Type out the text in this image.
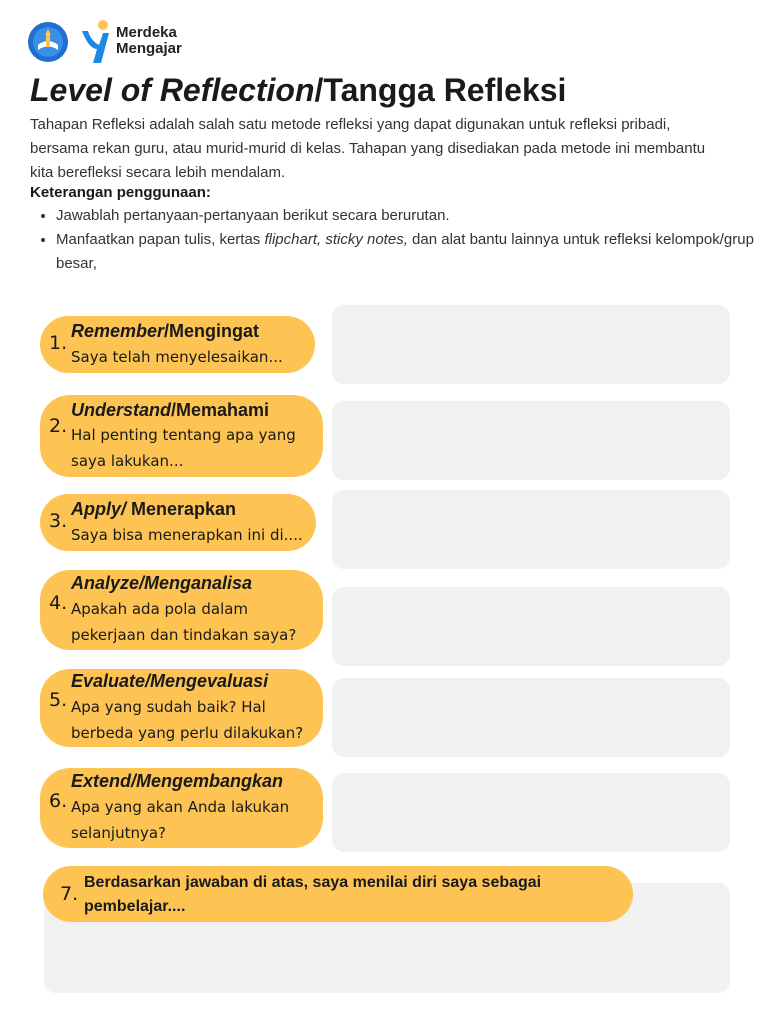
Merdeka
Mengajar
Level of Reflection/Tangga Refleksi
Tahapan Refleksi adalah salah satu metode refleksi yang dapat digunakan untuk refleksi pribadi, bersama rekan guru, atau murid-murid di kelas. Tahapan yang disediakan pada metode ini membantu kita berefleksi secara lebih mendalam.
Keterangan penggunaan:
• Jawablah pertanyaan-pertanyaan berikut secara berurutan.
• Manfaatkan papan tulis, kertas flipchart, sticky notes, dan alat bantu lainnya untuk refleksi kelompok/grup besar,
1.
Remember/Mengingat
Saya telah menyelesaikan...
2.
Understand/Memahami
Hal penting tentang apa yang
saya lakukan...
3.
Apply/ Menerapkan
Saya bisa menerapkan ini di....
4.
Analyze/Menganalisa
Apakah ada pola dalam
pekerjaan dan tindakan saya?
5.
Evaluate/Mengevaluasi
Apa yang sudah baik? Hal
berbeda yang perlu dilakukan?
6.
Extend/Mengembangkan
Apa yang akan Anda lakukan
selanjutnya?
7.
Berdasarkan jawaban di atas, saya menilai diri saya sebagai
pembelajar....
